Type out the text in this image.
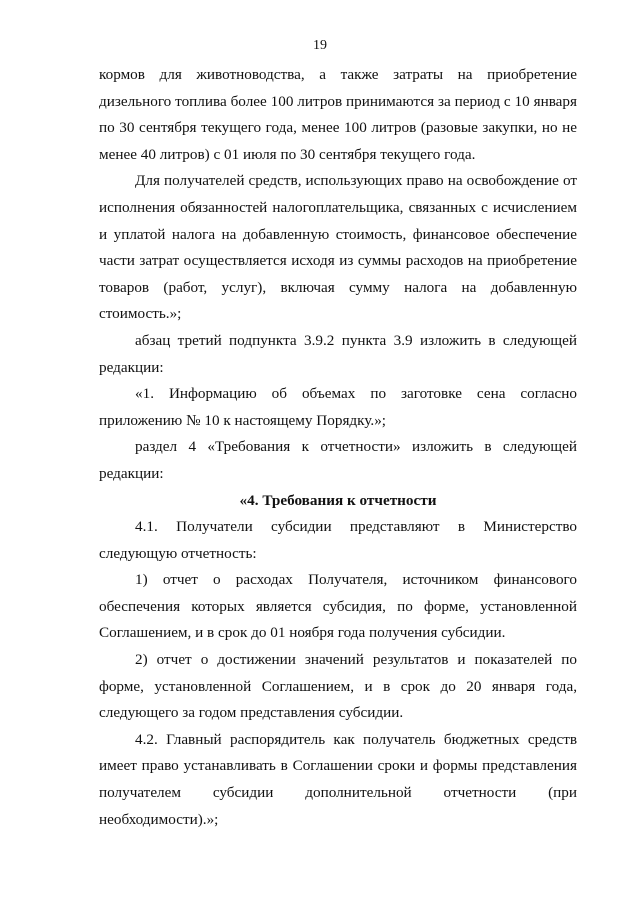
19

кормов для животноводства, а также затраты на приобретение дизельного топлива более 100 литров принимаются за период с 10 января по 30 сентября текущего года, менее 100 литров (разовые закупки, но не менее 40 литров) с 01 июля по 30 сентября текущего года.

Для получателей средств, использующих право на освобождение от исполнения обязанностей налогоплательщика, связанных с исчислением и уплатой налога на добавленную стоимость, финансовое обеспечение части затрат осуществляется исходя из суммы расходов на приобретение товаров (работ, услуг), включая сумму налога на добавленную стоимость.»;

абзац третий подпункта 3.9.2 пункта 3.9 изложить в следующей редакции:

«1. Информацию об объемах по заготовке сена согласно приложению № 10 к настоящему Порядку.»;

раздел 4 «Требования к отчетности» изложить в следующей редакции:

«4. Требования к отчетности

4.1. Получатели субсидии представляют в Министерство следующую отчетность:

1) отчет о расходах Получателя, источником финансового обеспечения которых является субсидия, по форме, установленной Соглашением, и в срок до 01 ноября года получения субсидии.

2) отчет о достижении значений результатов и показателей по форме, установленной Соглашением, и в срок до 20 января года, следующего за годом представления субсидии.

4.2. Главный распорядитель как получатель бюджетных средств имеет право устанавливать в Соглашении сроки и формы представления получателем субсидии дополнительной отчетности (при необходимости).»;
